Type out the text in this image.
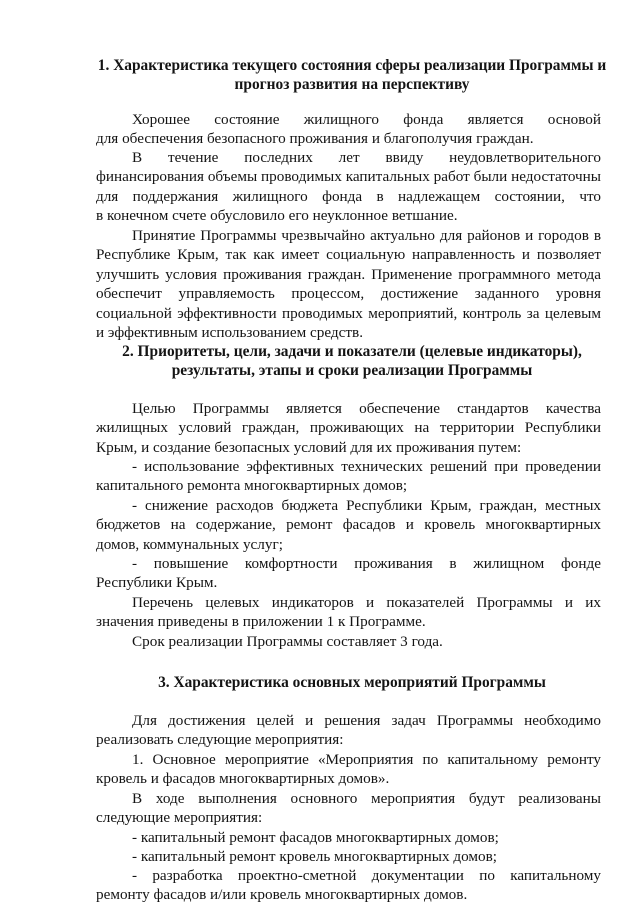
1. Характеристика текущего состояния сферы реализации Программы и
прогноз развития на перспективу
Хорошее состояние жилищного фонда является основой
для обеспечения безопасного проживания и благополучия граждан.
В течение последних лет ввиду неудовлетворительного
финансирования объемы проводимых капитальных работ были недостаточны
для поддержания жилищного фонда в надлежащем состоянии, что
в конечном счете обусловило его неуклонное ветшание.
Принятие Программы чрезвычайно актуально для районов и городов в
Республике Крым, так как имеет социальную направленность и позволяет
улучшить условия проживания граждан. Применение программного метода
обеспечит управляемость процессом, достижение заданного уровня
социальной эффективности проводимых мероприятий, контроль за целевым
и эффективным использованием средств.
2. Приоритеты, цели, задачи и показатели (целевые индикаторы),
результаты, этапы и сроки реализации Программы
Целью Программы является обеспечение стандартов качества
жилищных условий граждан, проживающих на территории Республики
Крым, и создание безопасных условий для их проживания путем:
- использование эффективных технических решений при проведении
капитального ремонта многоквартирных домов;
- снижение расходов бюджета Республики Крым, граждан, местных
бюджетов на содержание, ремонт фасадов и кровель многоквартирных
домов, коммунальных услуг;
- повышение комфортности проживания в жилищном фонде
Республики Крым.
Перечень целевых индикаторов и показателей Программы и их
значения приведены в приложении 1 к Программе.
Срок реализации Программы составляет 3 года.
3. Характеристика основных мероприятий Программы
Для достижения целей и решения задач Программы необходимо
реализовать следующие мероприятия:
1. Основное мероприятие «Мероприятия по капитальному ремонту
кровель и фасадов многоквартирных домов».
В ходе выполнения основного мероприятия будут реализованы
следующие мероприятия:
- капитальный ремонт фасадов многоквартирных домов;
- капитальный ремонт кровель многоквартирных домов;
- разработка проектно-сметной документации по капитальному
ремонту фасадов и/или кровель многоквартирных домов.
